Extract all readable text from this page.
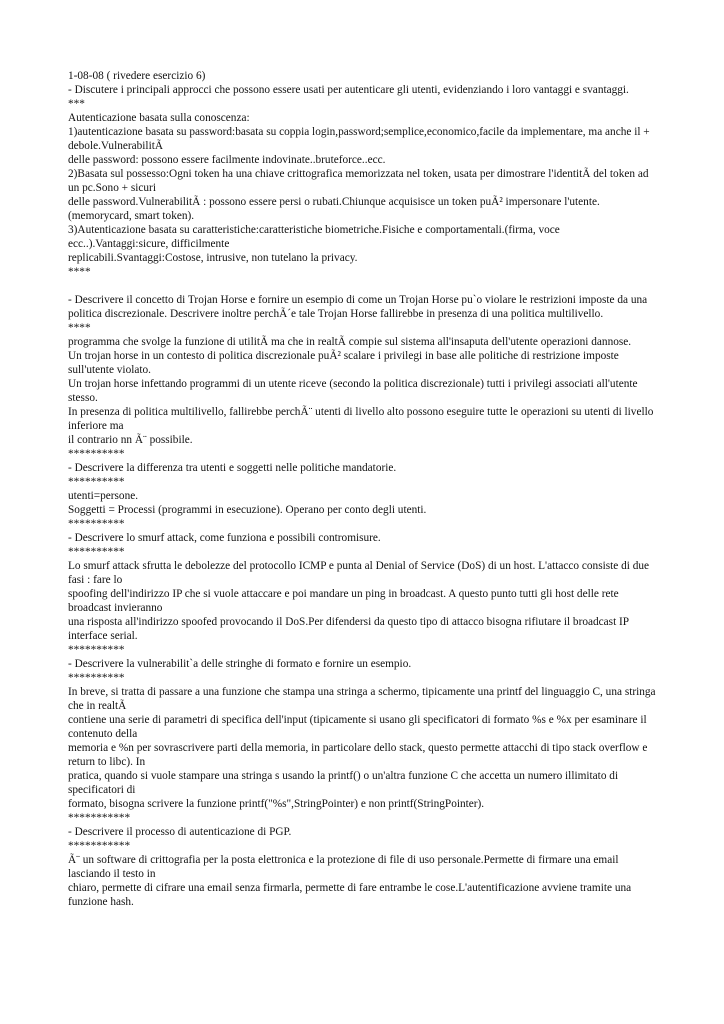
1-08-08 ( rivedere esercizio 6)

- Discutere i principali approcci che possono essere usati per autenticare gli utenti, evidenziando i loro vantaggi e svantaggi.

***

Autenticazione basata sulla conoscenza:

1)autenticazione basata su password:basata su coppia login,password;semplice,economico,facile da implementare, ma anche il + debole.VulnerabilitÃ

delle password: possono essere facilmente indovinate..bruteforce..ecc.

2)Basata sul possesso:Ogni token ha una chiave crittografica memorizzata nel token, usata per dimostrare l'identitÃ del token ad un pc.Sono + sicuri

delle password.VulnerabilitÃ : possono essere persi o rubati.Chiunque acquisisce un token puÃ² impersonare l'utente.(memorycard, smart token).

3)Autenticazione basata su caratteristiche:caratteristiche biometriche.Fisiche e comportamentali.(firma, voce ecc..).Vantaggi:sicure, difficilmente

replicabili.Svantaggi:Costose, intrusive, non tutelano la privacy.

****

- Descrivere il concetto di Trojan Horse e fornire un esempio di come un Trojan Horse pu`o violare le restrizioni imposte da una politica discrezionale. Descrivere inoltre perchÃ´e tale Trojan Horse fallirebbe in presenza di una politica multilivello.

****

programma che svolge la funzione di utilitÃ ma che in realtÃ compie sul sistema all'insaputa dell'utente operazioni dannose.

Un trojan horse in un contesto di politica discrezionale puÃ² scalare i privilegi in base alle politiche di restrizione imposte sull'utente violato.

Un trojan horse infettando programmi di un utente riceve (secondo la politica discrezionale) tutti i privilegi associati all'utente stesso.

In presenza di politica multilivello, fallirebbe perchÃ¨ utenti di livello alto possono eseguire tutte le operazioni su utenti di livello inferiore ma

il contrario nn Ã¨ possibile.

**********

- Descrivere la differenza tra utenti e soggetti nelle politiche mandatorie.

**********

utenti=persone.

Soggetti = Processi (programmi in esecuzione). Operano per conto degli utenti.

**********

- Descrivere lo smurf attack, come funziona e possibili contromisure.

**********

Lo smurf attack sfrutta le debolezze del protocollo ICMP e punta al Denial of Service (DoS) di un host. L'attacco consiste di due fasi : fare lo

spoofing dell'indirizzo IP che si vuole attaccare e poi mandare un ping in broadcast. A questo punto tutti gli host delle rete broadcast invieranno

una risposta all'indirizzo spoofed provocando il DoS.Per difendersi da questo tipo di attacco bisogna rifiutare il broadcast IP interface serial.

**********

- Descrivere la vulnerabilit`a delle stringhe di formato e fornire un esempio.

**********

In breve, si tratta di passare a una funzione che stampa una stringa a schermo, tipicamente una printf del linguaggio C, una stringa che in realtÃ

contiene una serie di parametri di specifica dell'input (tipicamente si usano gli specificatori di formato %s e %x per esaminare il contenuto della

memoria e %n per sovrascrivere parti della memoria, in particolare dello stack, questo permette attacchi di tipo stack overflow e return to libc). In

pratica, quando si vuole stampare una stringa s usando la printf() o un'altra funzione C che accetta un numero illimitato di specificatori di

formato, bisogna scrivere la funzione printf("%s",StringPointer) e non printf(StringPointer).

***********

- Descrivere il processo di autenticazione di PGP.

***********

Ã¨ un software di crittografia per la posta elettronica e la protezione di file di uso personale.Permette di firmare una email lasciando il testo in

chiaro, permette di cifrare una email senza firmarla, permette di fare entrambe le cose.L'autentificazione avviene tramite una funzione hash.
